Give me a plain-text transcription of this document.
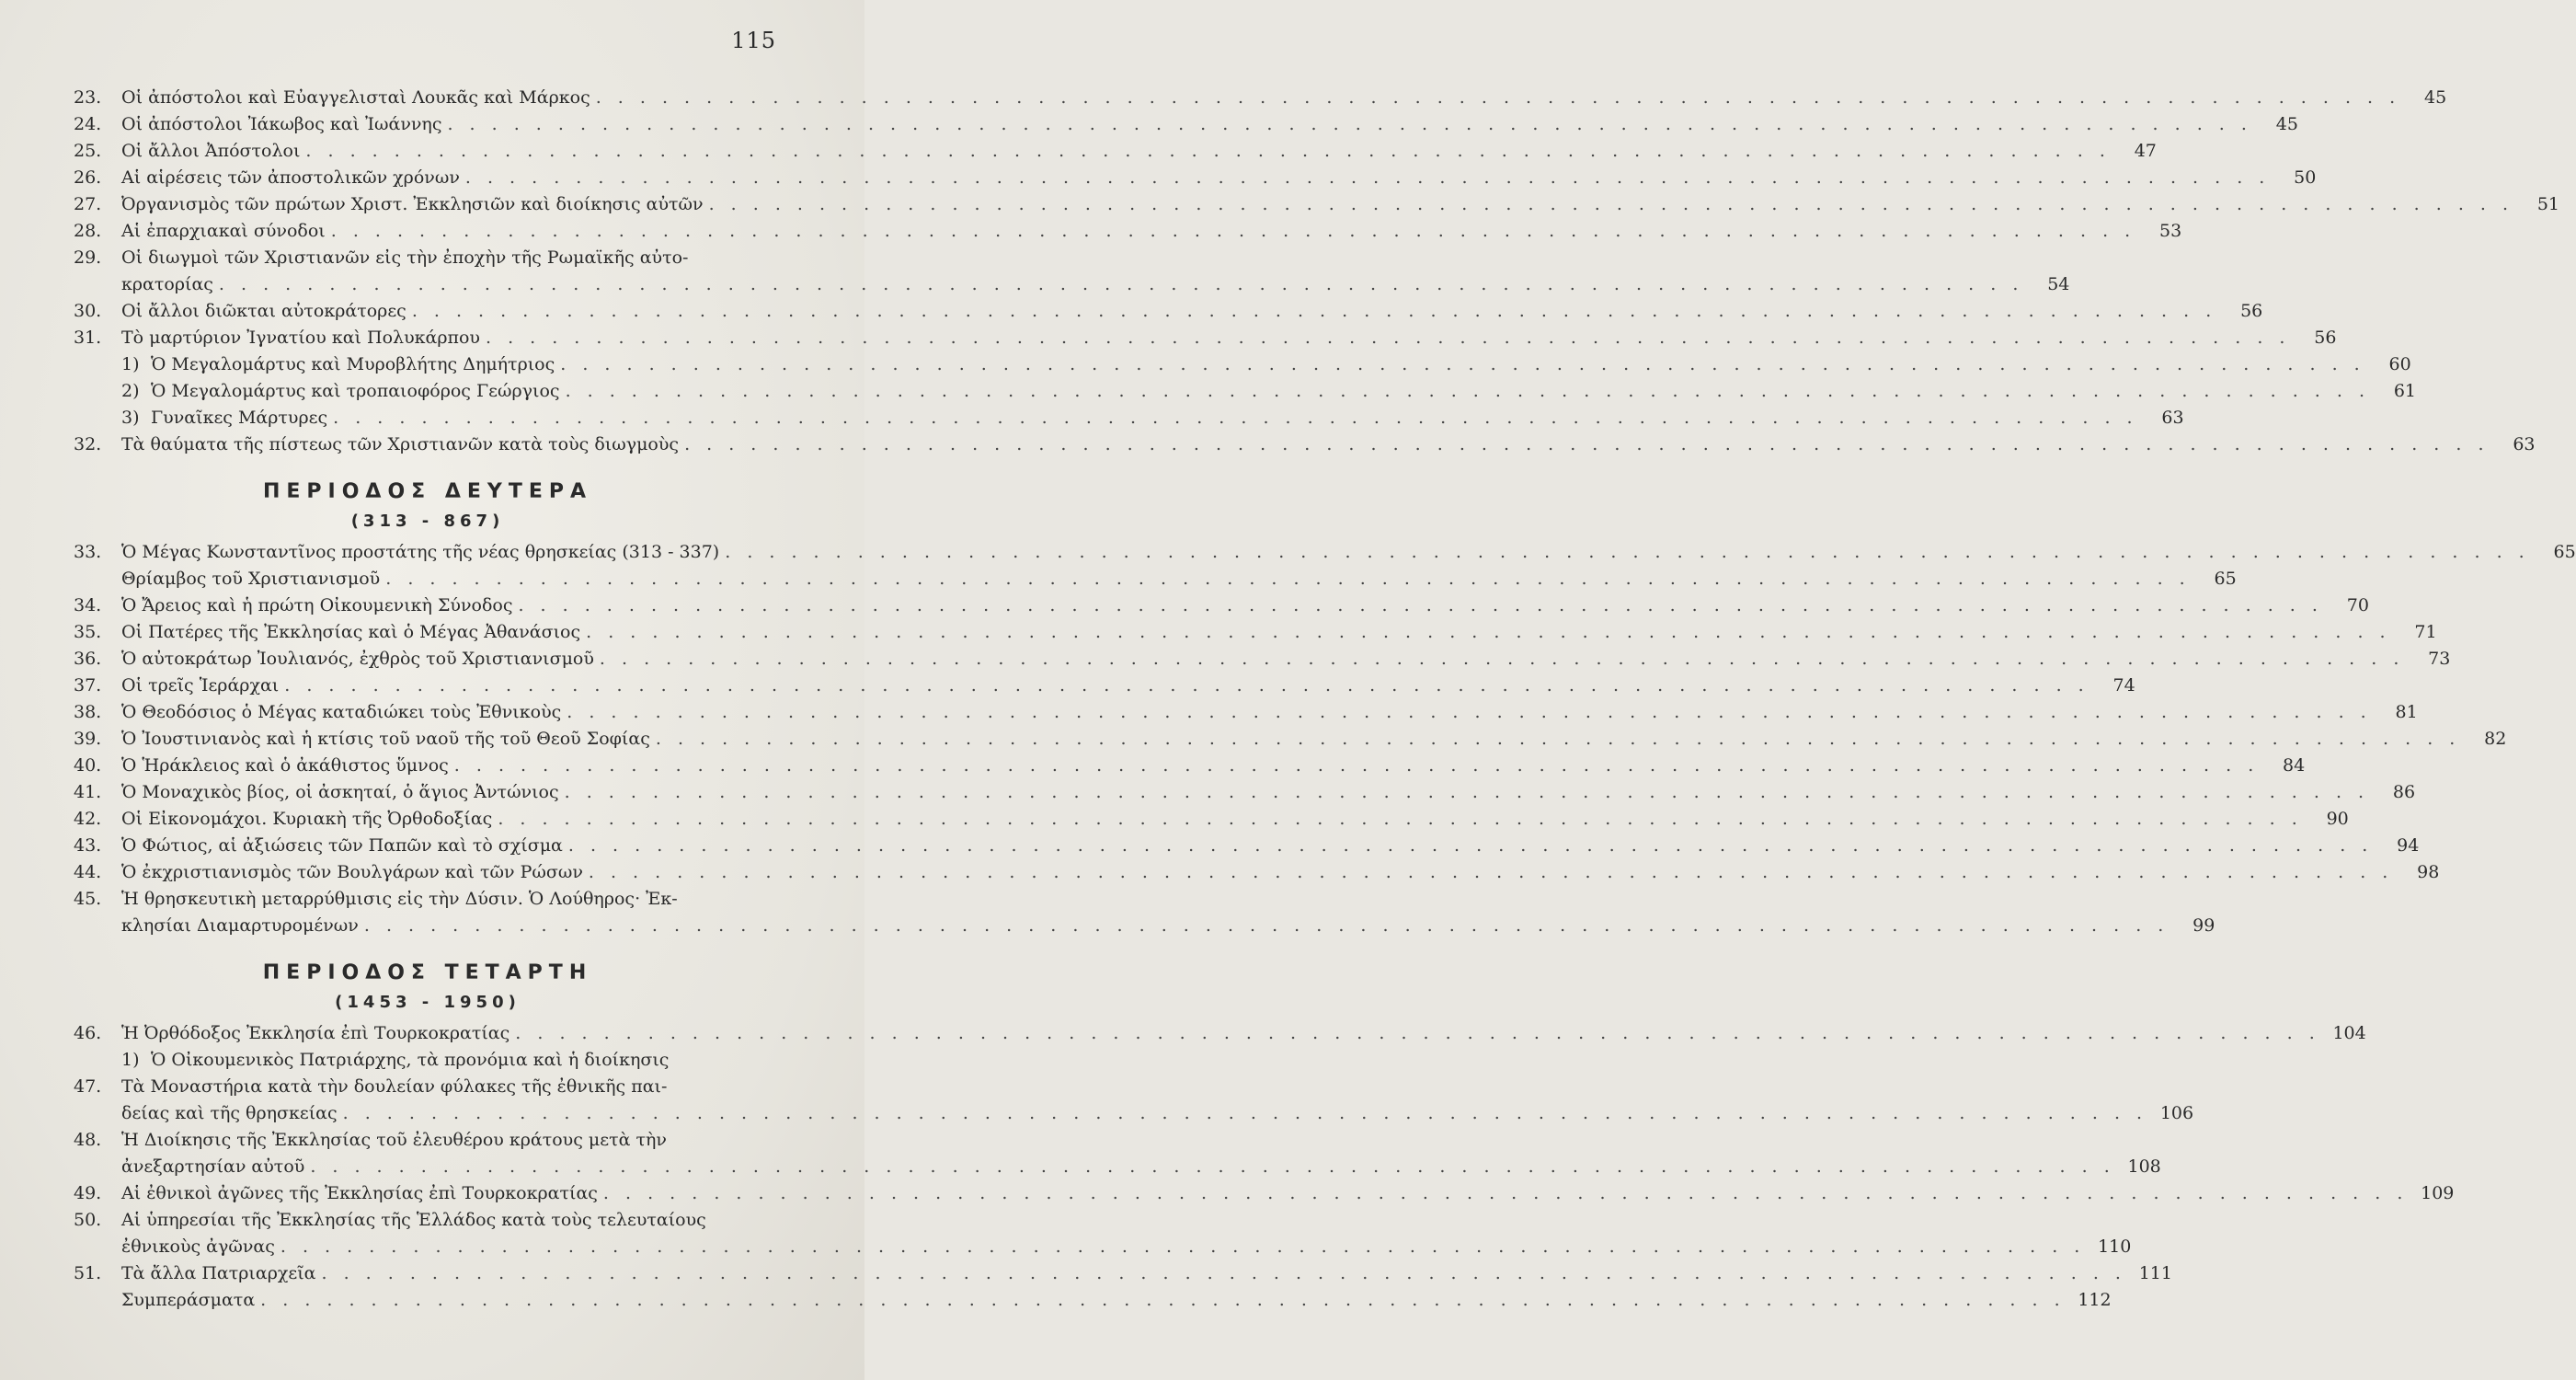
115
23.	Οἱ ἀπόστολοι καὶ Εὐαγγελισταὶ Λουκᾶς καὶ Μάρκος . . . . . . . . . . . . . . . . . . . . . . . . . . . . . . . . . . . . . . . . . . . . . . . . . . . . . . . . . . . . . . . . . . . . . . . . . . . . . . . . . .	45
24.	Οἱ ἀπόστολοι Ἰάκωβος καὶ Ἰωάννης . . . . . . . . . . . . . . . . . . . . . . . . . . . . . . . . . . . . . . . . . . . . . . . . . . . . . . . . . . . . . . . . . . . . . . . . . . . . . . . . . .	45
25.	Οἱ ἄλλοι Ἀπόστολοι . . . . . . . . . . . . . . . . . . . . . . . . . . . . . . . . . . . . . . . . . . . . . . . . . . . . . . . . . . . . . . . . . . . . . . . . . . . . . . . . . .	47
26.	Αἱ αἱρέσεις τῶν ἀποστολικῶν χρόνων . . . . . . . . . . . . . . . . . . . . . . . . . . . . . . . . . . . . . . . . . . . . . . . . . . . . . . . . . . . . . . . . . . . . . . . . . . . . . . . . . .	50
27.	Ὀργανισμὸς τῶν πρώτων Χριστ. Ἐκκλησιῶν καὶ διοίκησις αὐτῶν . . . . . . . . . . . . . . . . . . . . . . . . . . . . . . . . . . . . . . . . . . . . . . . . . . . . . . . . . . . . . . . . . . . . . . . . . . . . . . . . . .	51
28.	Αἱ ἐπαρχιακαὶ σύνοδοι . . . . . . . . . . . . . . . . . . . . . . . . . . . . . . . . . . . . . . . . . . . . . . . . . . . . . . . . . . . . . . . . . . . . . . . . . . . . . . . . . .	53
29.	Οἱ διωγμοὶ τῶν Χριστιανῶν εἰς τὴν ἐποχὴν τῆς Ρωμαϊκῆς αὐτο-
κρατορίας . . . . . . . . . . . . . . . . . . . . . . . . . . . . . . . . . . . . . . . . . . . . . . . . . . . . . . . . . . . . . . . . . . . . . . . . . . . . . . . . . .	54
30.	Οἱ ἄλλοι διῶκται αὐτοκράτορες . . . . . . . . . . . . . . . . . . . . . . . . . . . . . . . . . . . . . . . . . . . . . . . . . . . . . . . . . . . . . . . . . . . . . . . . . . . . . . . . . .	56
31.	Τὸ μαρτύριον Ἰγνατίου καὶ Πολυκάρπου . . . . . . . . . . . . . . . . . . . . . . . . . . . . . . . . . . . . . . . . . . . . . . . . . . . . . . . . . . . . . . . . . . . . . . . . . . . . . . . . . .	56
1) Ὁ Μεγαλομάρτυς καὶ Μυροβλήτης Δημήτριος . . . . . . . . . . . . . . . . . . . . . . . . . . . . . . . . . . . . . . . . . . . . . . . . . . . . . . . . . . . . . . . . . . . . . . . . . . . . . . . . . .	60
2) Ὁ Μεγαλομάρτυς καὶ τροπαιοφόρος Γεώργιος . . . . . . . . . . . . . . . . . . . . . . . . . . . . . . . . . . . . . . . . . . . . . . . . . . . . . . . . . . . . . . . . . . . . . . . . . . . . . . . . . .	61
3) Γυναῖκες Μάρτυρες . . . . . . . . . . . . . . . . . . . . . . . . . . . . . . . . . . . . . . . . . . . . . . . . . . . . . . . . . . . . . . . . . . . . . . . . . . . . . . . . . .	63
32.	Τὰ θαύματα τῆς πίστεως τῶν Χριστιανῶν κατὰ τοὺς διωγμοὺς . . . . . . . . . . . . . . . . . . . . . . . . . . . . . . . . . . . . . . . . . . . . . . . . . . . . . . . . . . . . . . . . . . . . . . . . . . . . . . . . . .	63
ΠΕΡΙΟΔΟΣ ΔΕΥΤΕΡΑ
(313 - 867)
33.	Ὁ Μέγας Κωνσταντῖνος προστάτης τῆς νέας θρησκείας (313 - 337) . . . . . . . . . . . . . . . . . . . . . . . . . . . . . . . . . . . . . . . . . . . . . . . . . . . . . . . . . . . . . . . . . . . . . . . . . . . . . . . . . .	65
Θρίαμβος τοῦ Χριστιανισμοῦ . . . . . . . . . . . . . . . . . . . . . . . . . . . . . . . . . . . . . . . . . . . . . . . . . . . . . . . . . . . . . . . . . . . . . . . . . . . . . . . . . .	65
34.	Ὁ Ἄρειος καὶ ἡ πρώτη Οἰκουμενικὴ Σύνοδος . . . . . . . . . . . . . . . . . . . . . . . . . . . . . . . . . . . . . . . . . . . . . . . . . . . . . . . . . . . . . . . . . . . . . . . . . . . . . . . . . .	70
35.	Οἱ Πατέρες τῆς Ἐκκλησίας καὶ ὁ Μέγας Ἀθανάσιος . . . . . . . . . . . . . . . . . . . . . . . . . . . . . . . . . . . . . . . . . . . . . . . . . . . . . . . . . . . . . . . . . . . . . . . . . . . . . . . . . .	71
36.	Ὁ αὐτοκράτωρ Ἰουλιανός, ἐχθρὸς τοῦ Χριστιανισμοῦ . . . . . . . . . . . . . . . . . . . . . . . . . . . . . . . . . . . . . . . . . . . . . . . . . . . . . . . . . . . . . . . . . . . . . . . . . . . . . . . . . .	73
37.	Οἱ τρεῖς Ἱεράρχαι . . . . . . . . . . . . . . . . . . . . . . . . . . . . . . . . . . . . . . . . . . . . . . . . . . . . . . . . . . . . . . . . . . . . . . . . . . . . . . . . . .	74
38.	Ὁ Θεοδόσιος ὁ Μέγας καταδιώκει τοὺς Ἐθνικοὺς . . . . . . . . . . . . . . . . . . . . . . . . . . . . . . . . . . . . . . . . . . . . . . . . . . . . . . . . . . . . . . . . . . . . . . . . . . . . . . . . . .	81
39.	Ὁ Ἰουστινιανὸς καὶ ἡ κτίσις τοῦ ναοῦ τῆς τοῦ Θεοῦ Σοφίας . . . . . . . . . . . . . . . . . . . . . . . . . . . . . . . . . . . . . . . . . . . . . . . . . . . . . . . . . . . . . . . . . . . . . . . . . . . . . . . . . .	82
40.	Ὁ Ἡράκλειος καὶ ὁ ἀκάθιστος ὕμνος . . . . . . . . . . . . . . . . . . . . . . . . . . . . . . . . . . . . . . . . . . . . . . . . . . . . . . . . . . . . . . . . . . . . . . . . . . . . . . . . . .	84
41.	Ὁ Μοναχικὸς βίος, οἱ ἀσκηταί, ὁ ἅγιος Ἀντώνιος . . . . . . . . . . . . . . . . . . . . . . . . . . . . . . . . . . . . . . . . . . . . . . . . . . . . . . . . . . . . . . . . . . . . . . . . . . . . . . . . . .	86
42.	Οἱ Εἰκονομάχοι. Κυριακὴ τῆς Ὀρθοδοξίας . . . . . . . . . . . . . . . . . . . . . . . . . . . . . . . . . . . . . . . . . . . . . . . . . . . . . . . . . . . . . . . . . . . . . . . . . . . . . . . . . .	90
43.	Ὁ Φώτιος, αἱ ἀξιώσεις τῶν Παπῶν καὶ τὸ σχίσμα . . . . . . . . . . . . . . . . . . . . . . . . . . . . . . . . . . . . . . . . . . . . . . . . . . . . . . . . . . . . . . . . . . . . . . . . . . . . . . . . . .	94
44.	Ὁ ἐκχριστιανισμὸς τῶν Βουλγάρων καὶ τῶν Ρώσων . . . . . . . . . . . . . . . . . . . . . . . . . . . . . . . . . . . . . . . . . . . . . . . . . . . . . . . . . . . . . . . . . . . . . . . . . . . . . . . . . .	98
45.	Ἡ θρησκευτικὴ μεταρρύθμισις εἰς τὴν Δύσιν. Ὁ Λούθηρος· Ἐκ-
κλησίαι Διαμαρτυρομένων . . . . . . . . . . . . . . . . . . . . . . . . . . . . . . . . . . . . . . . . . . . . . . . . . . . . . . . . . . . . . . . . . . . . . . . . . . . . . . . . . .	99
ΠΕΡΙΟΔΟΣ ΤΕΤΑΡΤΗ
(1453 - 1950)
46.	Ἡ Ὀρθόδοξος Ἐκκλησία ἐπὶ Τουρκοκρατίας . . . . . . . . . . . . . . . . . . . . . . . . . . . . . . . . . . . . . . . . . . . . . . . . . . . . . . . . . . . . . . . . . . . . . . . . . . . . . . . . . . 104
1) Ὁ Οἰκουμενικὸς Πατριάρχης, τὰ προνόμια καὶ ἡ διοίκησις
47.	Τὰ Μοναστήρια κατὰ τὴν δουλείαν φύλακες τῆς ἐθνικῆς παι-
δείας καὶ τῆς θρησκείας . . . . . . . . . . . . . . . . . . . . . . . . . . . . . . . . . . . . . . . . . . . . . . . . . . . . . . . . . . . . . . . . . . . . . . . . . . . . . . . . . . 106
48.	Ἡ Διοίκησις τῆς Ἐκκλησίας τοῦ ἐλευθέρου κράτους μετὰ τὴν
ἀνεξαρτησίαν αὐτοῦ . . . . . . . . . . . . . . . . . . . . . . . . . . . . . . . . . . . . . . . . . . . . . . . . . . . . . . . . . . . . . . . . . . . . . . . . . . . . . . . . . . 108
49.	Αἱ ἐθνικοὶ ἀγῶνες τῆς Ἐκκλησίας ἐπὶ Τουρκοκρατίας . . . . . . . . . . . . . . . . . . . . . . . . . . . . . . . . . . . . . . . . . . . . . . . . . . . . . . . . . . . . . . . . . . . . . . . . . . . . . . . . . . 109
50.	Αἱ ὑπηρεσίαι τῆς Ἐκκλησίας τῆς Ἑλλάδος κατὰ τοὺς τελευταίους
ἐθνικοὺς ἀγῶνας . . . . . . . . . . . . . . . . . . . . . . . . . . . . . . . . . . . . . . . . . . . . . . . . . . . . . . . . . . . . . . . . . . . . . . . . . . . . . . . . . . 110
51.	Τὰ ἄλλα Πατριαρχεῖα . . . . . . . . . . . . . . . . . . . . . . . . . . . . . . . . . . . . . . . . . . . . . . . . . . . . . . . . . . . . . . . . . . . . . . . . . . . . . . . . . . 111
Συμπεράσματα . . . . . . . . . . . . . . . . . . . . . . . . . . . . . . . . . . . . . . . . . . . . . . . . . . . . . . . . . . . . . . . . . . . . . . . . . . . . . . . . . . 112
